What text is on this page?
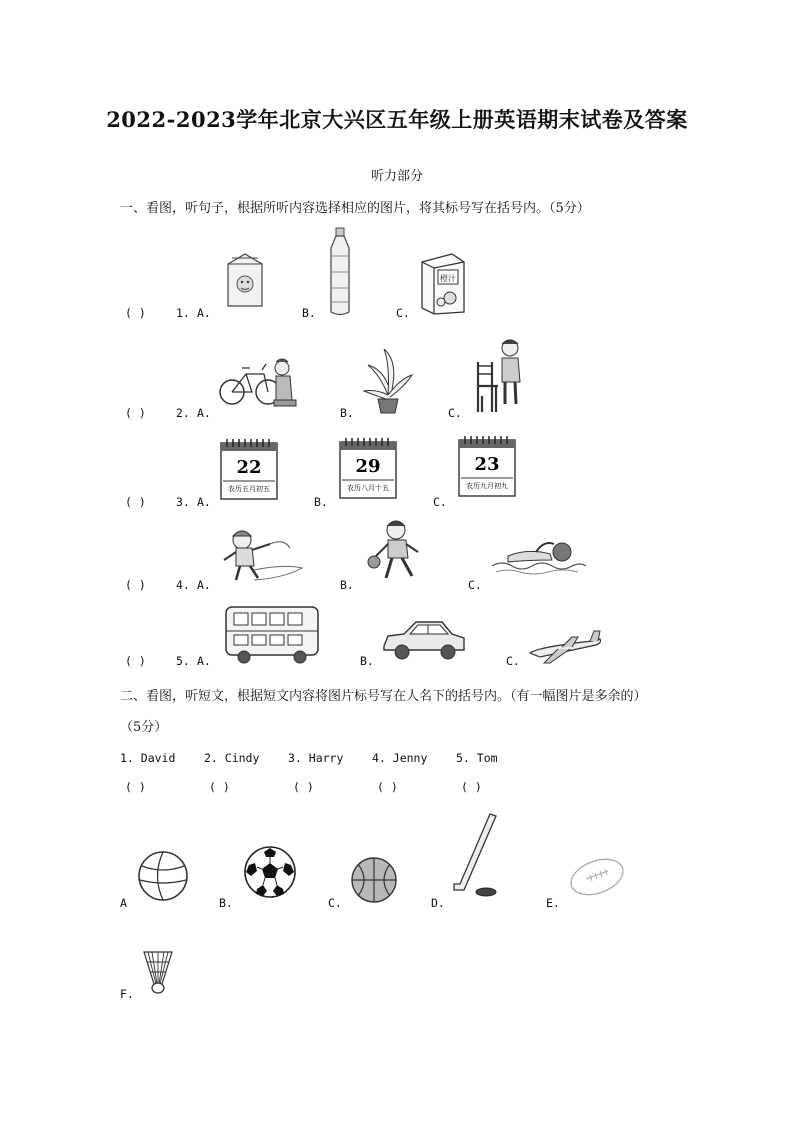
2022-2023学年北京大兴区五年级上册英语期末试卷及答案
听力部分
一、看图，听句子，根据所听内容选择相应的图片，将其标号写在括号内。（5分）
( )	1. A.	B.	C.
橙汁
( )	2. A.	B.	C.
( )	3. A.	B.	C.
22
农历五月初五
29
农历八月十五
23
农历九月初九
( )	4. A.	B.	C.
( )	5. A.	B.	C.
二、看图，听短文，根据短文内容将图片标号写在人名下的括号内。（有一幅图片是多余的）
（5分）
1. David 2. Cindy 3. Harry 4. Jenny 5. Tom
( )	( )	( )	( )	( )
A	B.	C.	D.	E.
F.
